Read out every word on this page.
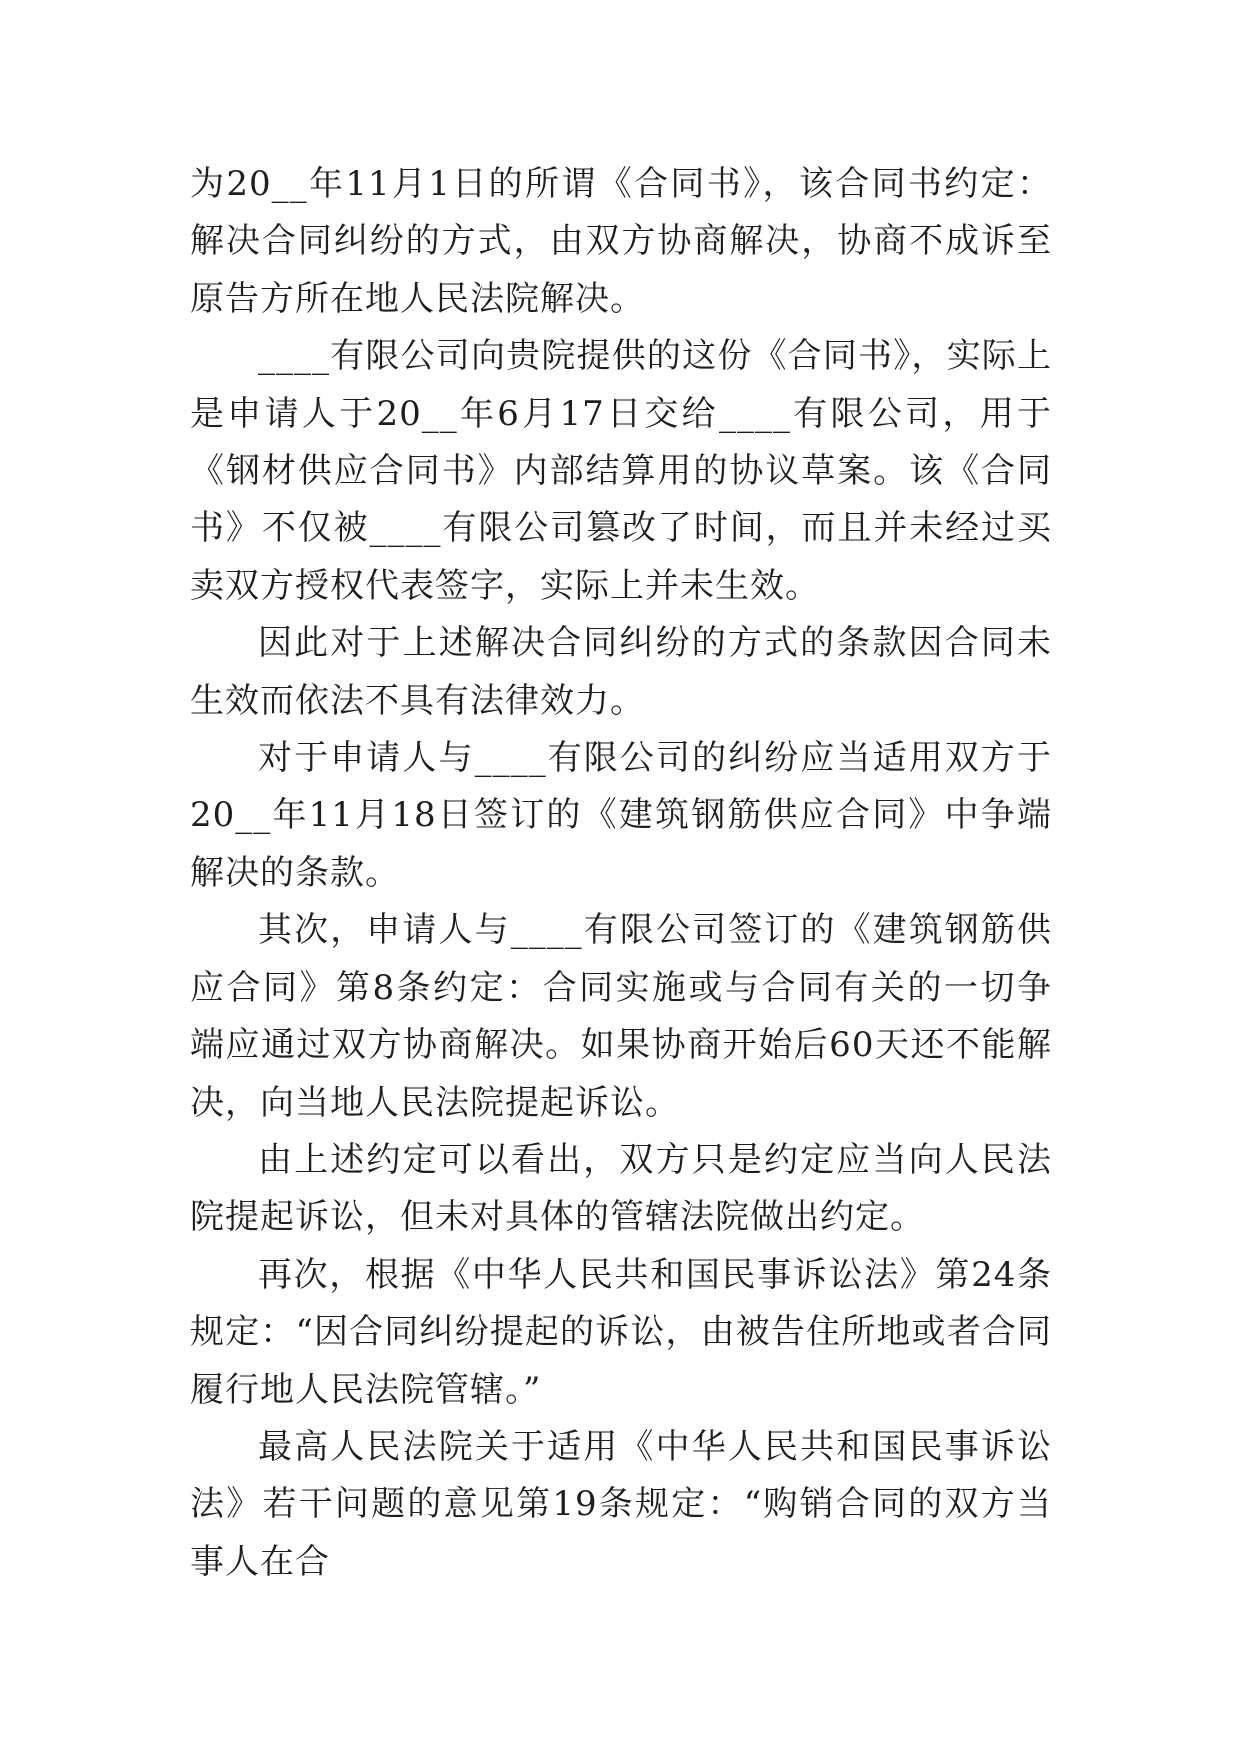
为20__年11月1日的所谓《合同书》，该合同书约定：解决合同纠纷的方式，由双方协商解决，协商不成诉至原告方所在地人民法院解决。

____有限公司向贵院提供的这份《合同书》，实际上是申请人于20__年6月17日交给____有限公司，用于《钢材供应合同书》内部结算用的协议草案。该《合同书》不仅被____有限公司篡改了时间，而且并未经过买卖双方授权代表签字，实际上并未生效。

因此对于上述解决合同纠纷的方式的条款因合同未生效而依法不具有法律效力。

对于申请人与____有限公司的纠纷应当适用双方于20__年11月18日签订的《建筑钢筋供应合同》中争端解决的条款。

其次，申请人与____有限公司签订的《建筑钢筋供应合同》第8条约定：合同实施或与合同有关的一切争端应通过双方协商解决。如果协商开始后60天还不能解决，向当地人民法院提起诉讼。

由上述约定可以看出，双方只是约定应当向人民法院提起诉讼，但未对具体的管辖法院做出约定。

再次，根据《中华人民共和国民事诉讼法》第24条规定：“因合同纠纷提起的诉讼，由被告住所地或者合同履行地人民法院管辖。”

最高人民法院关于适用《中华人民共和国民事诉讼法》若干问题的意见第19条规定：“购销合同的双方当事人在合
